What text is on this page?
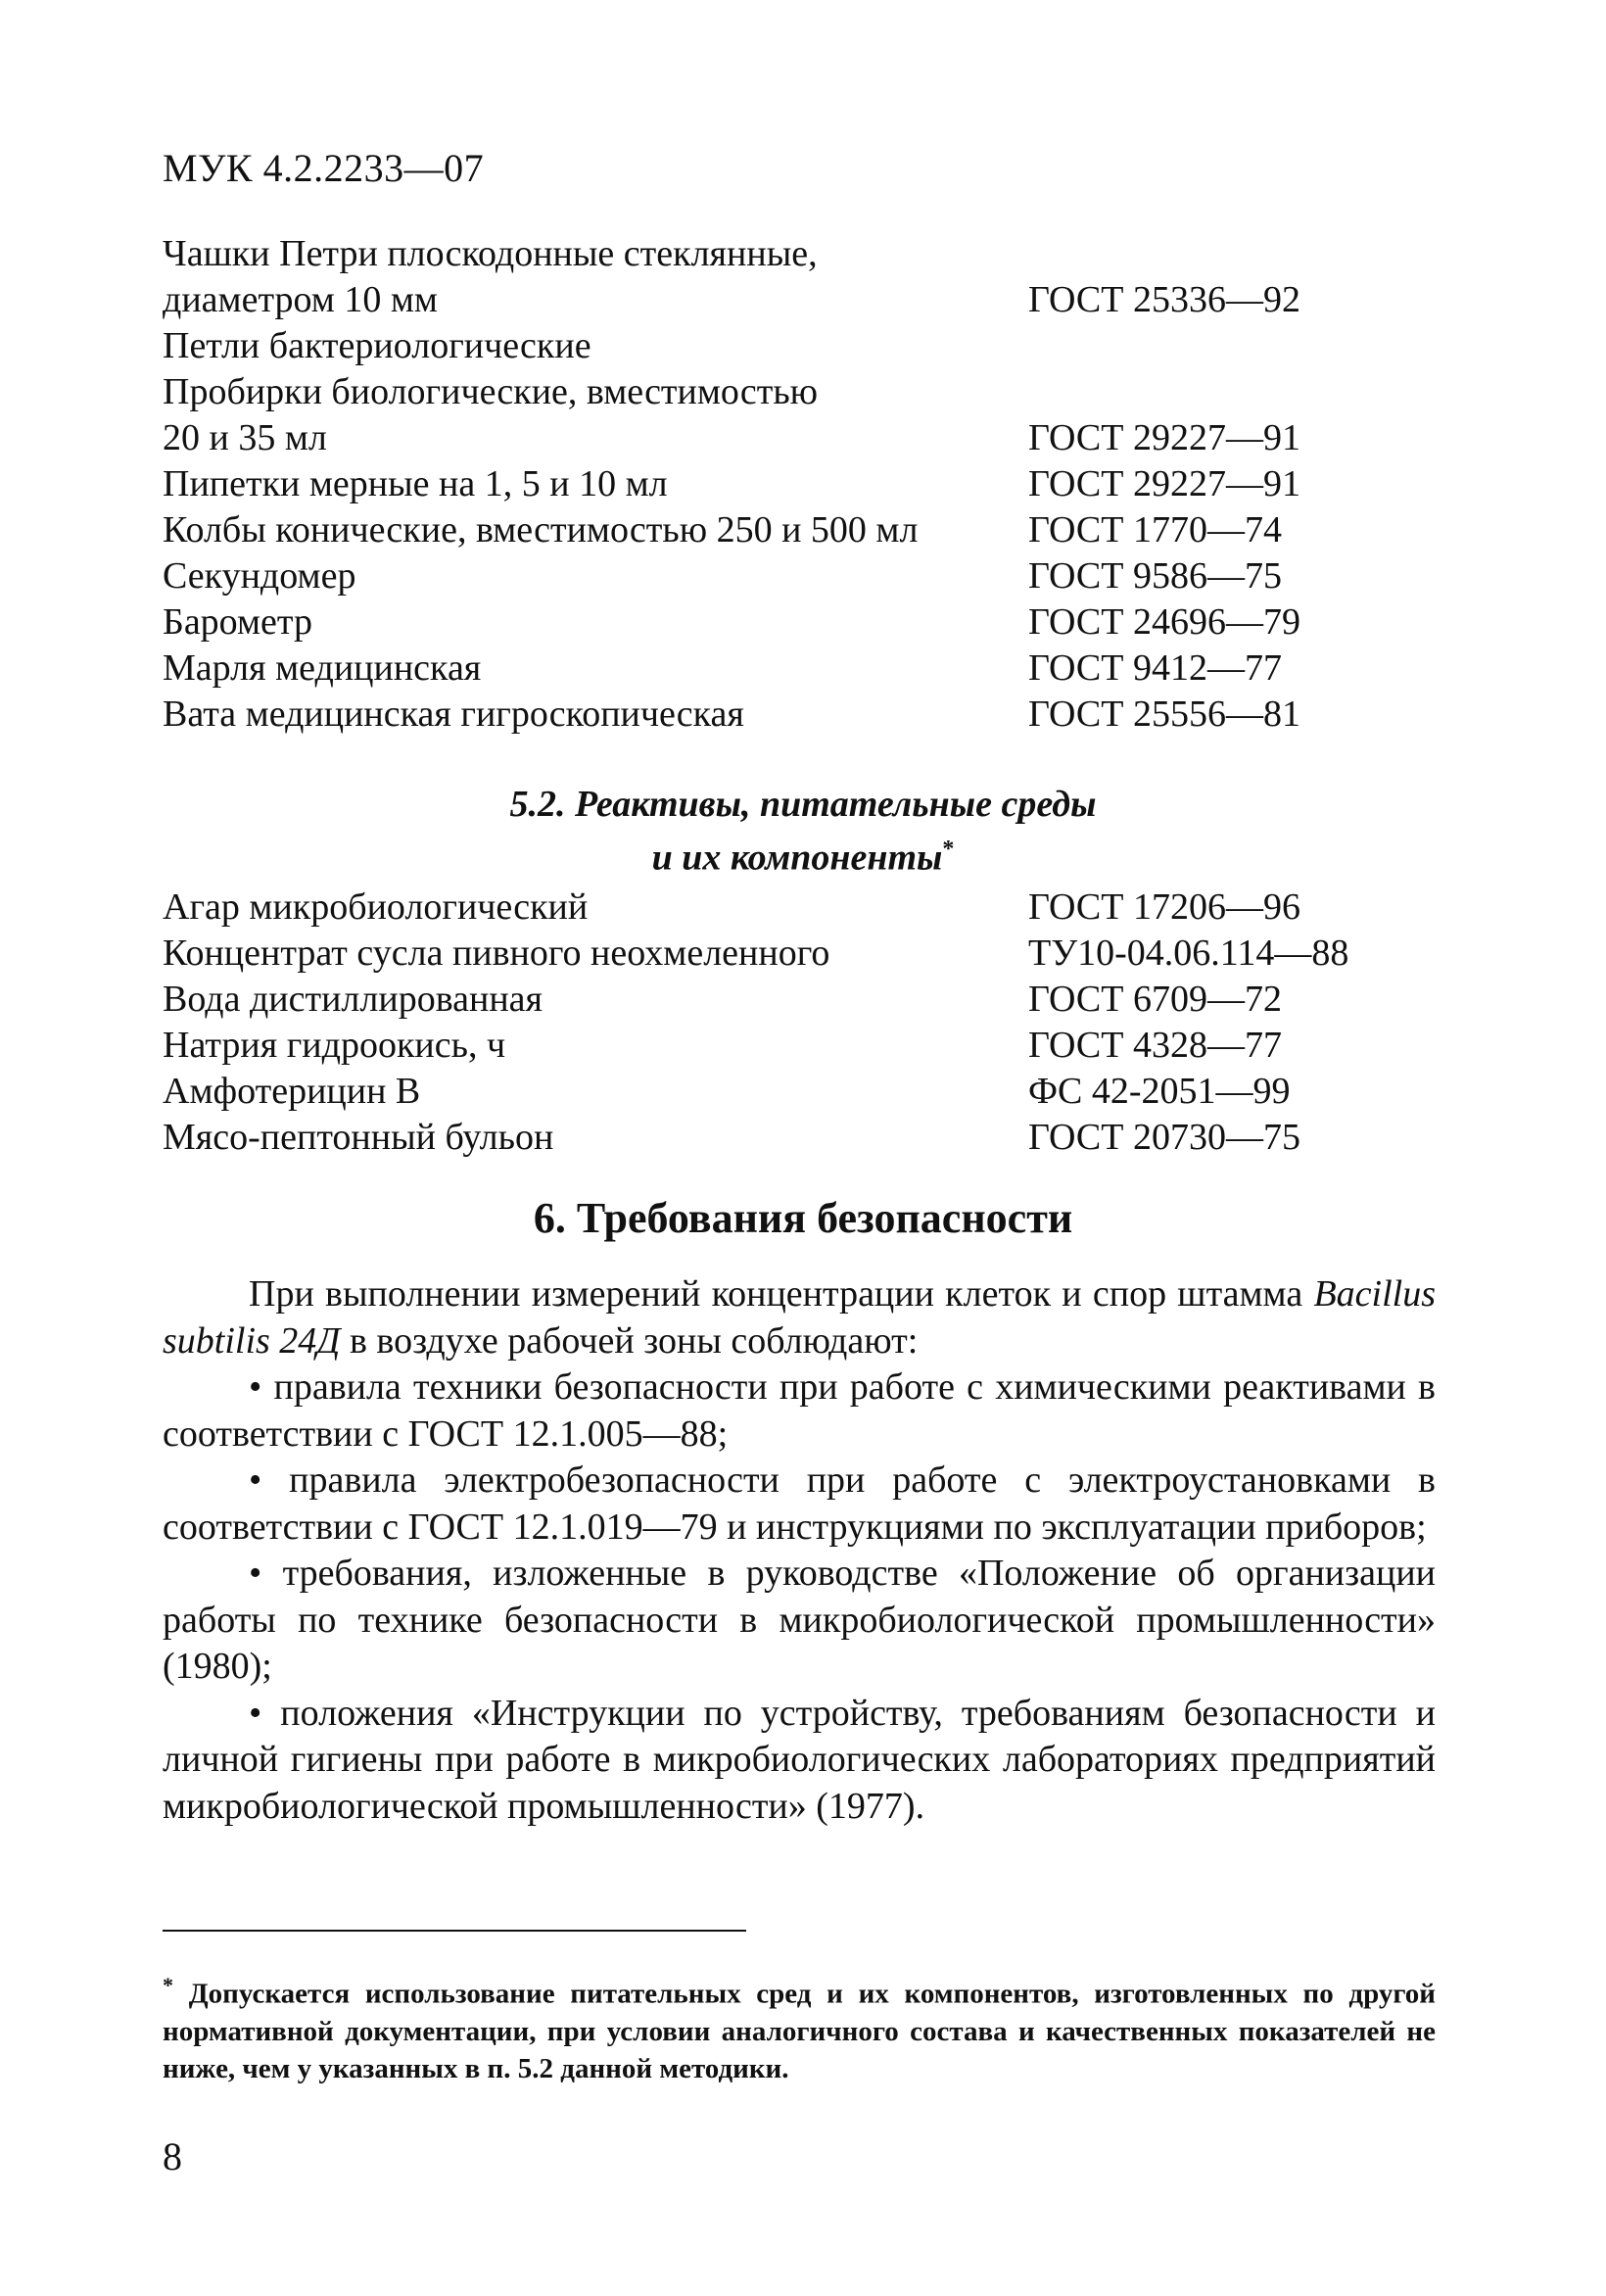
МУК 4.2.2233—07
Чашки Петри плоскодонные стеклянные,
диаметром 10 мм	ГОСТ 25336—92
Петли бактериологические
Пробирки биологические, вместимостью
20 и 35 мл	ГОСТ 29227—91
Пипетки мерные на 1, 5 и 10 мл	ГОСТ 29227—91
Колбы конические, вместимостью 250 и 500 мл	ГОСТ 1770—74
Секундомер	ГОСТ 9586—75
Барометр	ГОСТ 24696—79
Марля медицинская	ГОСТ 9412—77
Вата медицинская гигроскопическая	ГОСТ 25556—81
5.2. Реактивы, питательные среды
и их компоненты*
Агар микробиологический	ГОСТ 17206—96
Концентрат сусла пивного неохмеленного	ТУ10-04.06.114—88
Вода дистиллированная	ГОСТ 6709—72
Натрия гидроокись, ч	ГОСТ 4328—77
Амфотерицин В	ФС 42-2051—99
Мясо-пептонный бульон	ГОСТ 20730—75
6. Требования безопасности

При выполнении измерений концентрации клеток и спор штамма Bacillus subtilis 24Д в воздухе рабочей зоны соблюдают:

• правила техники безопасности при работе с химическими реактивами в соответствии с ГОСТ 12.1.005—88;

• правила электробезопасности при работе с электроустановками в соответствии с ГОСТ 12.1.019—79 и инструкциями по эксплуатации приборов;

• требования, изложенные в руководстве «Положение об организации работы по технике безопасности в микробиологической промышленности» (1980);

• положения «Инструкции по устройству, требованиям безопасности и личной гигиены при работе в микробиологических лабораториях предприятий микробиологической промышленности» (1977).

* Допускается использование питательных сред и их компонентов, изготовленных по другой нормативной документации, при условии аналогичного состава и качественных показателей не ниже, чем у указанных в п. 5.2 данной методики.
8
